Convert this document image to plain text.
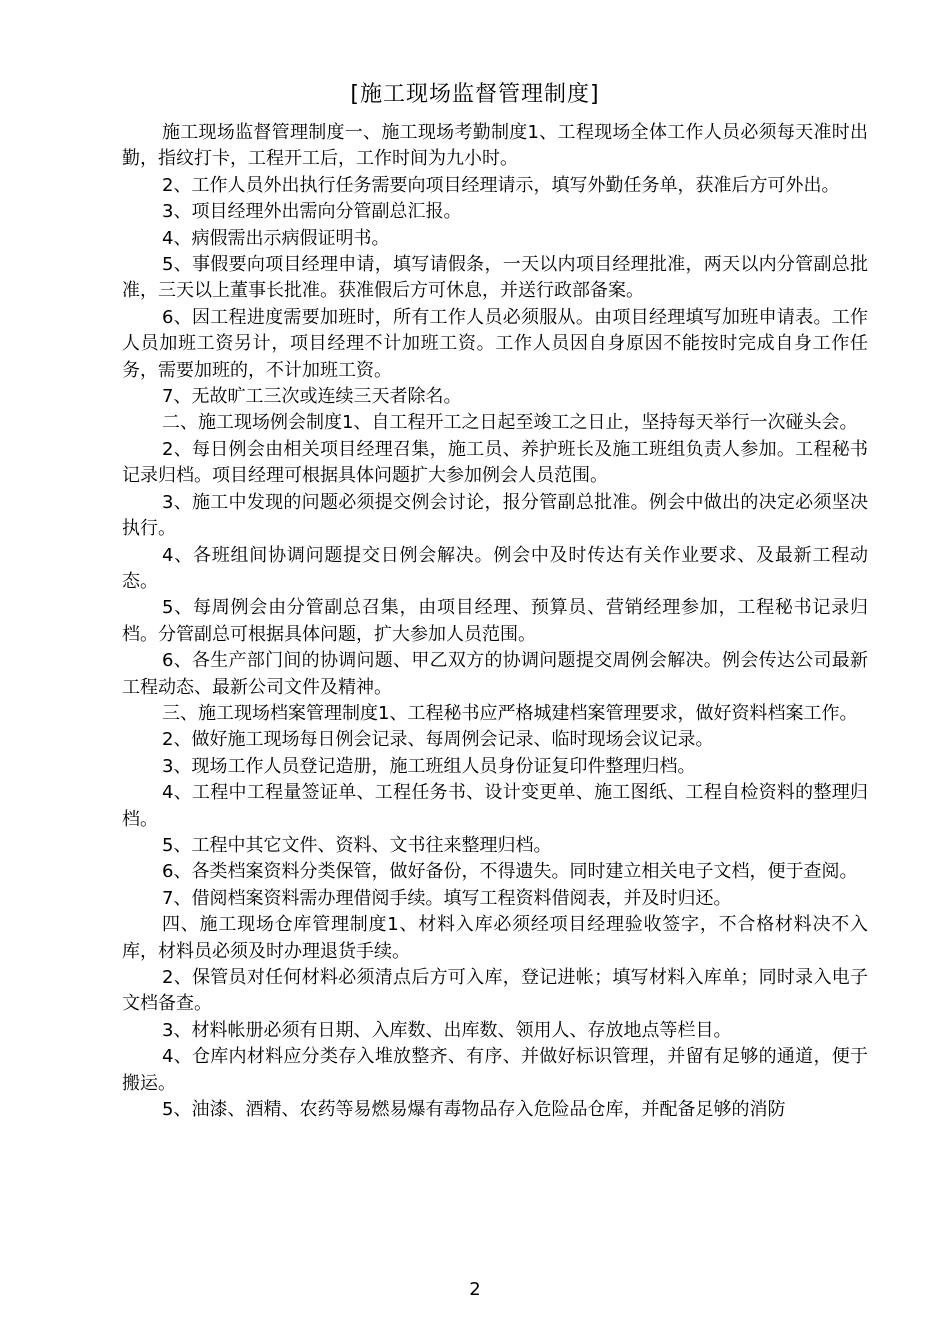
[施工现场监督管理制度]

施工现场监督管理制度一、施工现场考勤制度1、工程现场全体工作人员必须每天准时出勤，指纹打卡，工程开工后，工作时间为九小时。

2、工作人员外出执行任务需要向项目经理请示，填写外勤任务单，获准后方可外出。

3、项目经理外出需向分管副总汇报。

4、病假需出示病假证明书。

5、事假要向项目经理申请，填写请假条，一天以内项目经理批准，两天以内分管副总批准，三天以上董事长批准。获准假后方可休息，并送行政部备案。

6、因工程进度需要加班时，所有工作人员必须服从。由项目经理填写加班申请表。工作人员加班工资另计，项目经理不计加班工资。工作人员因自身原因不能按时完成自身工作任务，需要加班的，不计加班工资。

7、无故旷工三次或连续三天者除名。

二、施工现场例会制度1、自工程开工之日起至竣工之日止，坚持每天举行一次碰头会。

2、每日例会由相关项目经理召集，施工员、养护班长及施工班组负责人参加。工程秘书记录归档。项目经理可根据具体问题扩大参加例会人员范围。

3、施工中发现的问题必须提交例会讨论，报分管副总批准。例会中做出的决定必须坚决执行。

4、各班组间协调问题提交日例会解决。例会中及时传达有关作业要求、及最新工程动态。

5、每周例会由分管副总召集，由项目经理、预算员、营销经理参加，工程秘书记录归档。分管副总可根据具体问题，扩大参加人员范围。

6、各生产部门间的协调问题、甲乙双方的协调问题提交周例会解决。例会传达公司最新工程动态、最新公司文件及精神。

三、施工现场档案管理制度1、工程秘书应严格城建档案管理要求，做好资料档案工作。

2、做好施工现场每日例会记录、每周例会记录、临时现场会议记录。

3、现场工作人员登记造册，施工班组人员身份证复印件整理归档。

4、工程中工程量签证单、工程任务书、设计变更单、施工图纸、工程自检资料的整理归档。

5、工程中其它文件、资料、文书往来整理归档。

6、各类档案资料分类保管，做好备份，不得遗失。同时建立相关电子文档，便于查阅。

7、借阅档案资料需办理借阅手续。填写工程资料借阅表，并及时归还。

四、施工现场仓库管理制度1、材料入库必须经项目经理验收签字，不合格材料决不入库，材料员必须及时办理退货手续。

2、保管员对任何材料必须清点后方可入库，登记进帐；填写材料入库单；同时录入电子文档备查。

3、材料帐册必须有日期、入库数、出库数、领用人、存放地点等栏目。

4、仓库内材料应分类存入堆放整齐、有序、并做好标识管理，并留有足够的通道，便于搬运。

5、油漆、酒精、农药等易燃易爆有毒物品存入危险品仓库，并配备足够的消防

2
